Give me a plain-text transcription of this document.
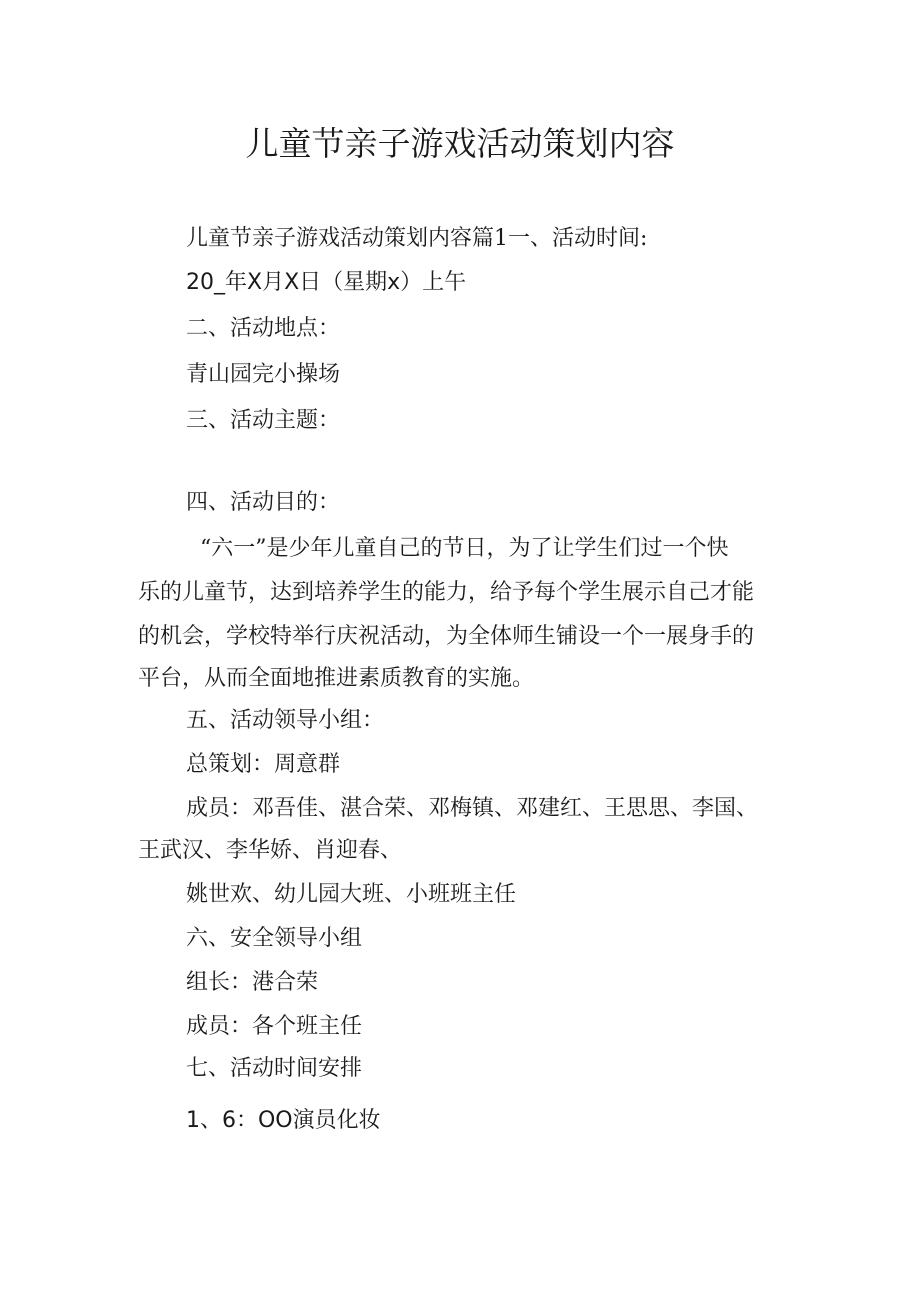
儿童节亲子游戏活动策划内容

儿童节亲子游戏活动策划内容篇1一、活动时间:

20_年X月X日（星期x）上午

二、活动地点：

青山园完小操场

三、活动主题：

四、活动目的：

“六一”是少年儿童自己的节日，为了让学生们过一个快

乐的儿童节，达到培养学生的能力，给予每个学生展示自己才能

的机会，学校特举行庆祝活动，为全体师生铺设一个一展身手的

平台，从而全面地推进素质教育的实施。

五、活动领导小组：

总策划：周意群

成员：邓吾佳、湛合荣、邓梅镇、邓建红、王思思、李国、

王武汉、李华娇、肖迎春、

姚世欢、幼儿园大班、小班班主任

六、安全领导小组

组长：港合荣

成员：各个班主任

七、活动时间安排

1、6：OO演员化妆
